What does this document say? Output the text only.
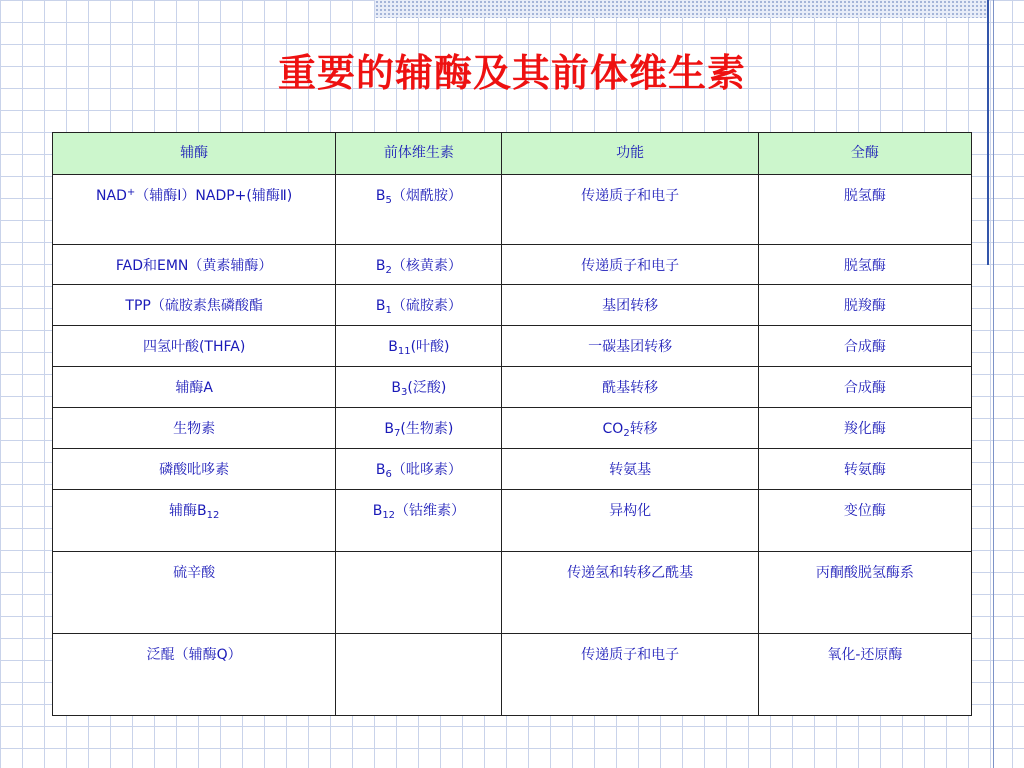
重要的辅酶及其前体维生素
辅酶	前体维生素	功能	全酶
NAD+（辅酶Ⅰ）NADP+(辅酶Ⅱ)	$B_5$（烟酰胺）	传递质子和电子	脱氢酶
FAD和EMN（黄素辅酶）	$B_2$（核黄素）	传递质子和电子	脱氢酶
TPP（硫胺素焦磷酸酯	$B_1$（硫胺素）	基团转移	脱羧酶
四氢叶酸(THFA)	$B_{11}$(叶酸)	一碳基团转移	合成酶
辅酶A	$B_3$(泛酸)	酰基转移	合成酶
生物素	$B_7$(生物素)	$CO_2$转移	羧化酶
磷酸吡哆素	$B_6$（吡哆素）	转氨基	转氨酶
辅酶$B_{12}$	$B_{12}$（钴维素）	异构化	变位酶
硫辛酸		传递氢和转移乙酰基	丙酮酸脱氢酶系
泛醌（辅酶Q）		传递质子和电子	氧化-还原酶
